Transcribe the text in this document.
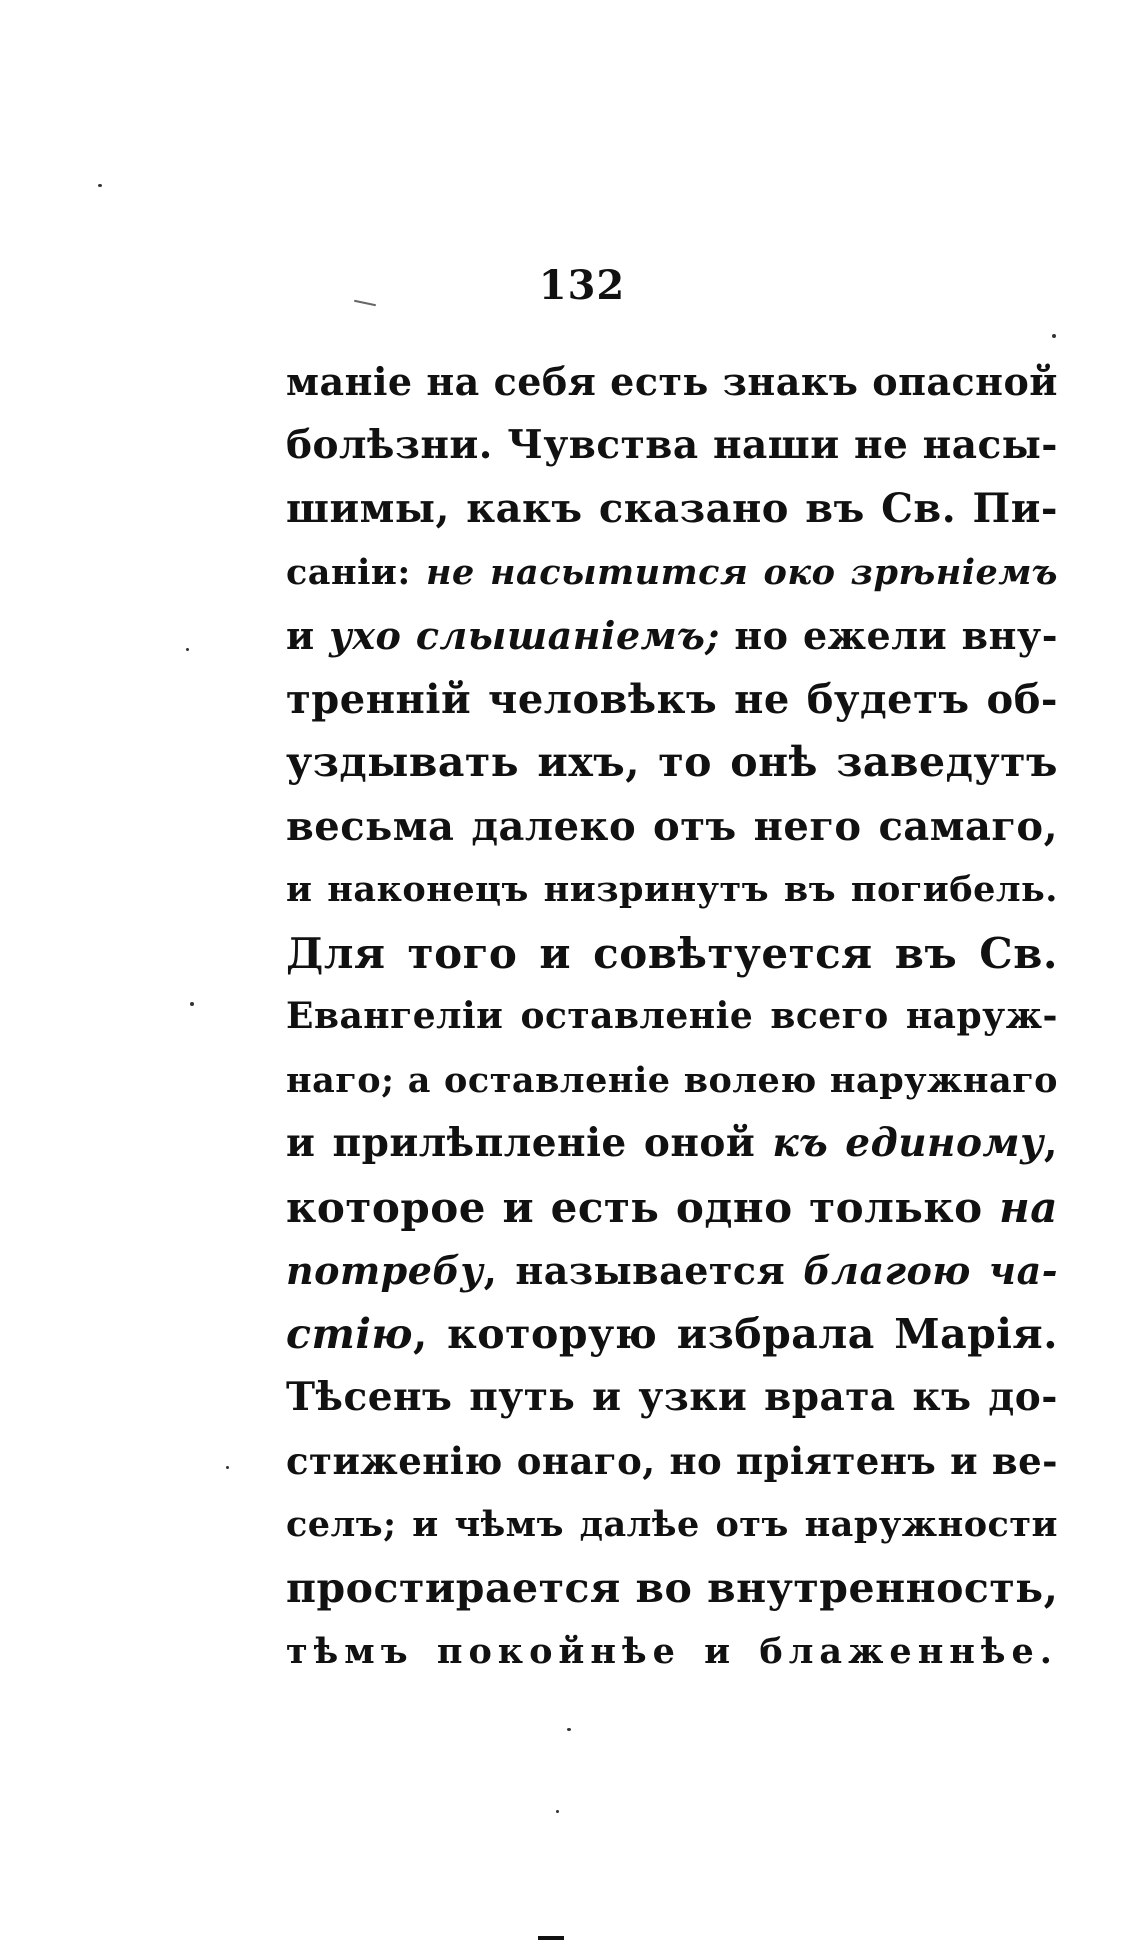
132
маніе на себя есть знакъ опасной
болѣзни. Чувства наши не насы-
шимы, какъ сказано въ Св. Пи-
саніи: не насытится око зрѣніемъ
и ухо слышаніемъ; но ежели вну-
тренній человѣкъ не будетъ об-
уздывать ихъ, то онѣ заведутъ
весьма далеко отъ него самаго,
и наконецъ низринутъ въ погибель.
Для того и совѣтуется въ Св.
Евангеліи оставленіе всего наруж-
наго; а оставленіе волею наружнаго
и прилѣпленіе оной къ единому,
которое и есть одно только на
потребу, называется благою ча-
стію, которую избрала Марія.
Тѣсенъ путь и узки врата къ до-
стиженію онаго, но пріятенъ и ве-
селъ; и чѣмъ далѣе отъ наружности
простирается во внутренность,
тѣмъ покойнѣе и блаженнѣе.
